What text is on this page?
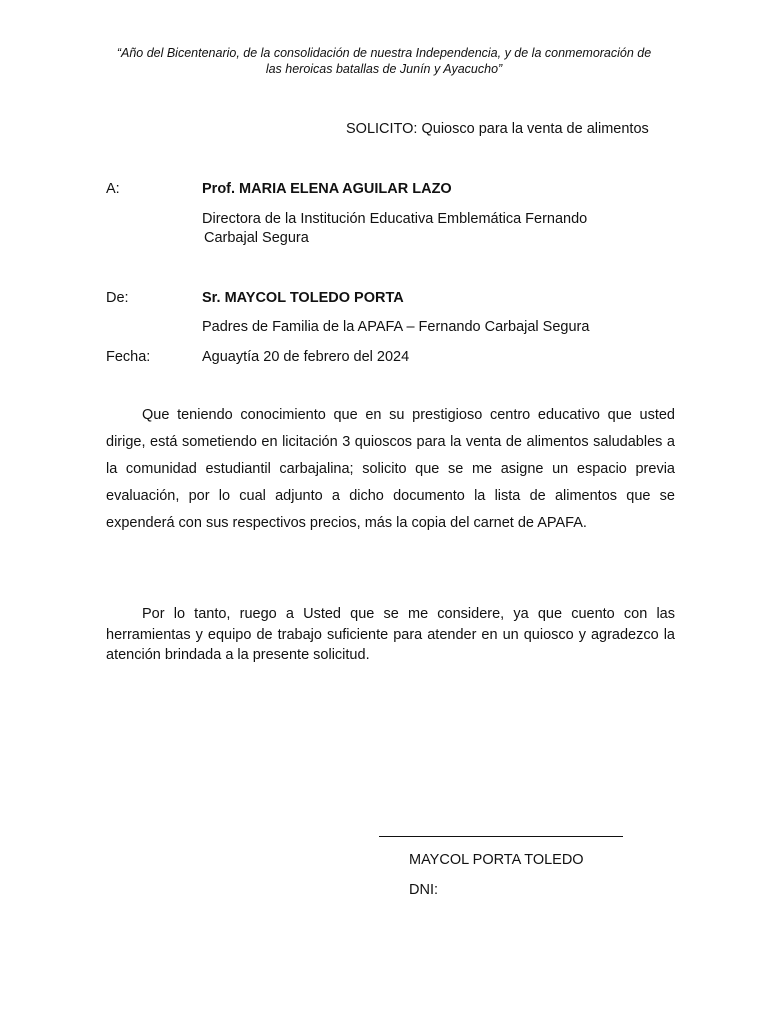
“Año del Bicentenario, de la consolidación de nuestra Independencia, y de la conmemoración de
las heroicas batallas de Junín y Ayacucho”
SOLICITO: Quiosco para la venta de alimentos
A:	Prof. MARIA ELENA AGUILAR LAZO
Directora de la Institución Educativa Emblemática Fernando
Carbajal Segura
De:	Sr. MAYCOL TOLEDO PORTA
Padres de Familia de la APAFA – Fernando Carbajal Segura
Fecha:	Aguaytía 20 de febrero del 2024

Que teniendo conocimiento que en su prestigioso centro educativo que usted dirige, está sometiendo en licitación 3 quioscos para la venta de alimentos saludables a la comunidad estudiantil carbajalina; solicito que se me asigne un espacio previa evaluación, por lo cual adjunto a dicho documento la lista de alimentos que se expenderá con sus respectivos precios, más la copia del carnet de APAFA.

Por lo tanto, ruego a Usted que se me considere, ya que cuento con las herramientas y equipo de trabajo suficiente para atender en un quiosco y agradezco la atención brindada a la presente solicitud.

MAYCOL PORTA TOLEDO
DNI:
